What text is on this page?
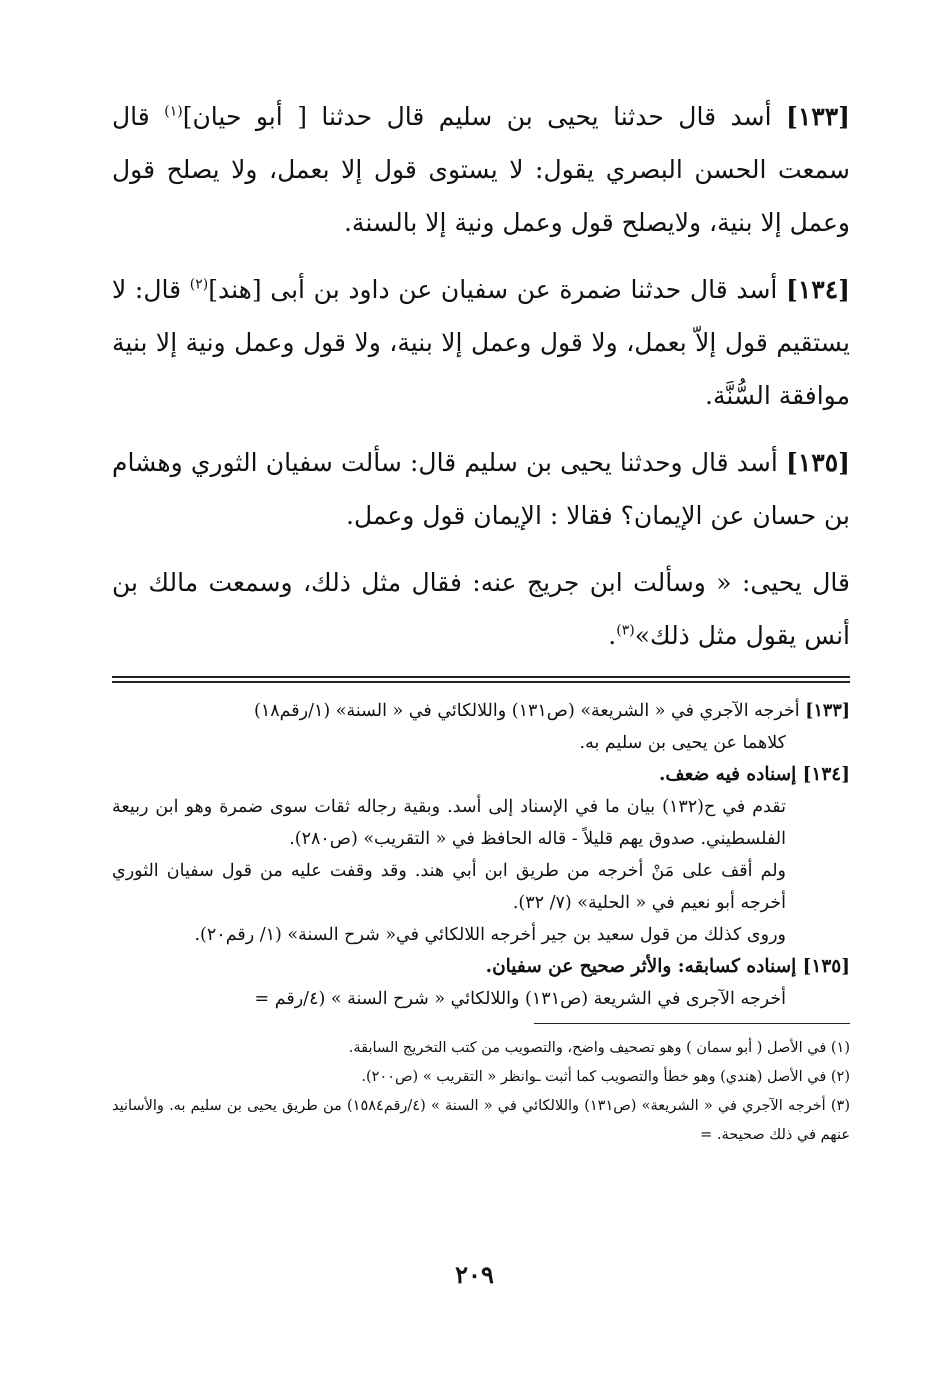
[١٣٣] أسد قال حدثنا يحيى بن سليم قال حدثنا [ أبو حيان]$^{(١)}$ قال سمعت الحسن البصري يقول: لا يستوى قول إلا بعمل، ولا يصلح قول وعمل إلا بنية، ولايصلح قول وعمل ونية إلا بالسنة.

[١٣٤] أسد قال حدثنا ضمرة عن سفيان عن داود بن أبى [هند]$^{(٢)}$ قال: لا يستقيم قول إلاّ بعمل، ولا قول وعمل إلا بنية، ولا قول وعمل ونية إلا بنية موافقة السُّنَّة.

[١٣٥] أسد قال وحدثنا يحيى بن سليم قال: سألت سفيان الثوري وهشام بن حسان عن الإيمان؟ فقالا : الإيمان قول وعمل.

قال يحيى: « وسألت ابن جريج عنه: فقال مثل ذلك، وسمعت مالك بن أنس يقول مثل ذلك»$^{(٣)}$.

[١٣٣] أخرجه الآجري في « الشريعة» (ص١٣١) واللالكائي في « السنة» (١/رقم١٨)

كلاهما عن يحيى بن سليم به.

[١٣٤] إسناده فيه ضعف.

تقدم في ح(١٣٢) بيان ما في الإسناد إلى أسد. وبقية رجاله ثقات سوى ضمرة وهو ابن ربيعة الفلسطيني. صدوق يهم قليلاً - قاله الحافظ في « التقريب» (ص٢٨٠).

ولم أقف على مَنْ أخرجه من طريق ابن أبي هند. وقد وقفت عليه من قول سفيان الثوري أخرجه أبو نعيم في « الحلية» (٧/ ٣٢).

وروى كذلك من قول سعيد بن جير أخرجه اللالكائي في« شرح السنة» (١/ رقم٢٠).

[١٣٥] إسناده كسابقه: والأثر صحيح عن سفيان.

أخرجه الآجرى في الشريعة (ص١٣١) واللالكائي « شرح السنة » (٤/رقم =

(١) في الأصل ( أبو سمان ) وهو تصحيف واضح، والتصويب من كتب التخريج السابقة.

(٢) في الأصل (هندي) وهو خطأ والتصويب كما أثبت ـوانظر « التقريب » (ص٢٠٠).

(٣) أخرجه الآجري في « الشريعة» (ص١٣١) واللالكائي في « السنة » (٤/رقم١٥٨٤) من طريق يحيى بن سليم به. والأسانيد عنهم في ذلك صحيحة. =

٢٠٩
